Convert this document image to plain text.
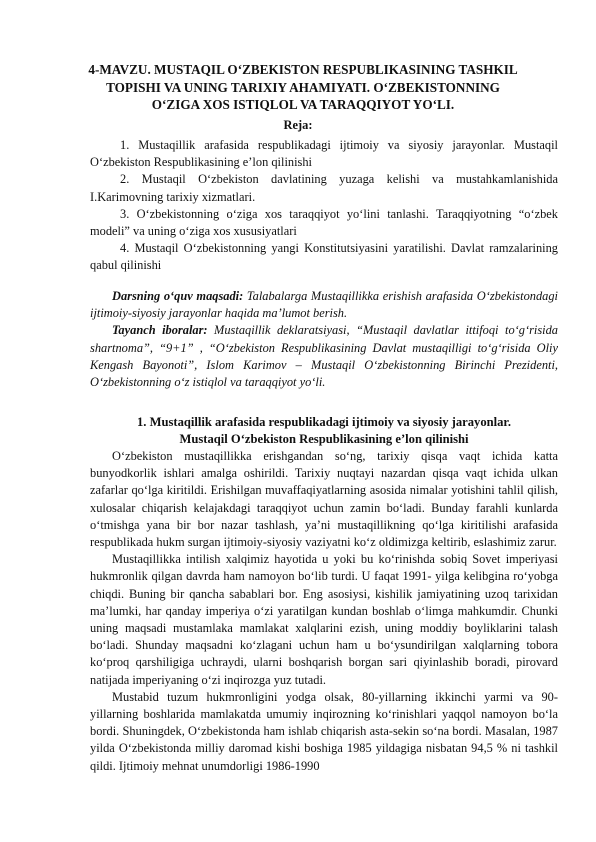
4-MAVZU. MUSTAQIL O‘ZBEKISTON RESPUBLIKASINING TASHKIL
TOPISHI VA UNING TARIXIY AHAMIYATI. O‘ZBEKISTONNING
O‘ZIGA XOS ISTIQLOL VA TARAQQIYOT YO‘LI.
Reja:

1. Mustaqillik arafasida respublikadagi ijtimoiy va siyosiy jarayonlar. Mustaqil O‘zbekiston Respublikasining e’lon qilinishi

2. Mustaqil O‘zbekiston davlatining yuzaga kelishi va mustahkamlanishida I.Karimovning tarixiy xizmatlari.

3. O‘zbekistonning o‘ziga xos taraqqiyot yo‘lini tanlashi. Taraqqiyotning “o‘zbek modeli” va uning o‘ziga xos xususiyatlari

4. Mustaqil O‘zbekistonning yangi Konstitutsiyasini yaratilishi. Davlat ramzalarining qabul qilinishi

Darsning o‘quv maqsadi: Talabalarga Mustaqillikka erishish arafasida O‘zbekistondagi ijtimoiy-siyosiy jarayonlar haqida ma’lumot berish.

Tayanch iboralar: Mustaqillik deklaratsiyasi, “Mustaqil davlatlar ittifoqi to‘g‘risida shartnoma”, “9+1” , “O‘zbekiston Respublikasining Davlat mustaqilligi to‘g‘risida Oliy Kengash Bayonoti”, Islom Karimov – Mustaqil O‘zbekistonning Birinchi Prezidenti, O‘zbekistonning o‘z istiqlol va taraqqiyot yo‘li.

1. Mustaqillik arafasida respublikadagi ijtimoiy va siyosiy jarayonlar.
Mustaqil O‘zbekiston Respublikasining e’lon qilinishi

O‘zbekiston mustaqillikka erishgandan so‘ng, tarixiy qisqa vaqt ichida katta bunyodkorlik ishlari amalga oshirildi. Tarixiy nuqtayi nazardan qisqa vaqt ichida ulkan zafarlar qo‘lga kiritildi. Erishilgan muvaffaqiyatlarning asosida nimalar yotishini tahlil qilish, xulosalar chiqarish kelajakdagi taraqqiyot uchun zamin bo‘ladi. Bunday farahli kunlarda o‘tmishga yana bir bor nazar tashlash, ya’ni mustaqillikning qo‘lga kiritilishi arafasida respublikada hukm surgan ijtimoiy-siyosiy vaziyatni ko‘z oldimizga keltirib, eslashimiz zarur.

Mustaqillikka intilish xalqimiz hayotida u yoki bu ko‘rinishda sobiq Sovet imperiyasi hukmronlik qilgan davrda ham namoyon bo‘lib turdi. U faqat 1991- yilga kelibgina ro‘yobga chiqdi. Buning bir qancha sabablari bor. Eng asosiysi, kishilik jamiyatining uzoq tarixidan ma’lumki, har qanday imperiya o‘zi yaratilgan kundan boshlab o‘limga mahkumdir. Chunki uning maqsadi mustamlaka mamlakat xalqlarini ezish, uning moddiy boyliklarini talash bo‘ladi. Shunday maqsadni ko‘zlagani uchun ham u bo‘ysundirilgan xalqlarning tobora ko‘proq qarshiligiga uchraydi, ularni boshqarish borgan sari qiyinlashib boradi, pirovard natijada imperiyaning o‘zi inqirozga yuz tutadi.

Mustabid tuzum hukmronligini yodga olsak, 80-yillarning ikkinchi yarmi va 90-yillarning boshlarida mamlakatda umumiy inqirozning ko‘rinishlari yaqqol namoyon bo‘la bordi. Shuningdek, O‘zbekistonda ham ishlab chiqarish asta-sekin so‘na bordi. Masalan, 1987 yilda O‘zbekistonda milliy daromad kishi boshiga 1985 yildagiga nisbatan 94,5 % ni tashkil qildi. Ijtimoiy mehnat unumdorligi 1986-1990
